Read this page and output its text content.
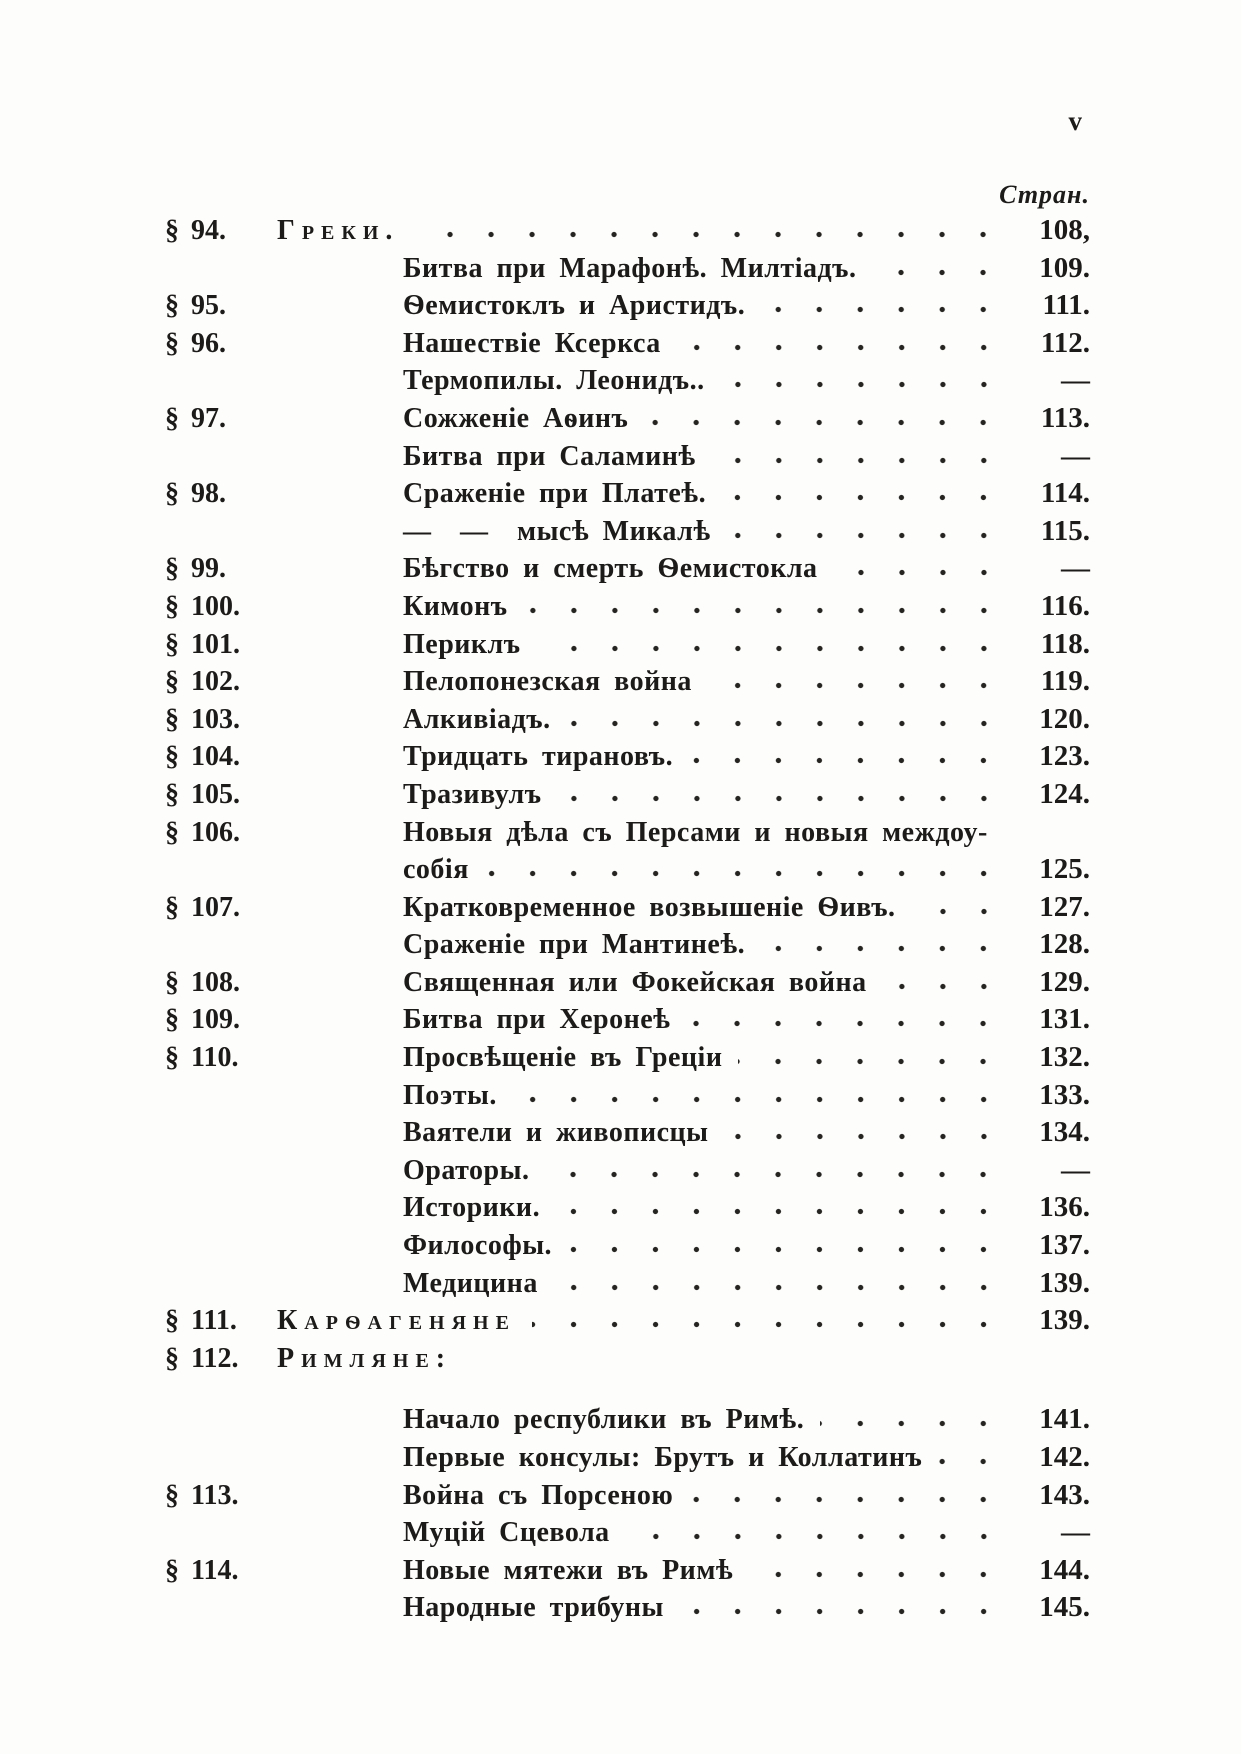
v
Стран.
§ 94.	Греки.	108,
Битва при Марафонѣ. Милтіадъ.	109.
§ 95.	Ѳемистоклъ и Аристидъ.	111.
§ 96.	Нашествіе Ксеркса	112.
Термопилы. Леонидъ..	—
§ 97.	Сожженіе Аѳинъ	113.
Битва при Саламинѣ	—
§ 98.	Сраженіе при Платеѣ.	114.
— — мысѣ Микалѣ	115.
§ 99.	Бѣгство и смерть Ѳемистокла	—
§ 100.	Кимонъ	116.
§ 101.	Периклъ	118.
§ 102.	Пелопонезская война	119.
§ 103.	Алкивіадъ.	120.
§ 104.	Тридцать тирановъ.	123.
§ 105.	Тразивулъ	124.
§ 106.	Новыя дѣла съ Персами и новыя междоу-
собія	125.
§ 107.	Кратковременное возвышеніе Ѳивъ.	127.
Сраженіе при Мантинеѣ.	128.
§ 108.	Священная или Фокейская война	129.
§ 109.	Битва при Херонеѣ	131.
§ 110.	Просвѣщеніе въ Греціи	132.
Поэты.	133.
Ваятели и живописцы	134.
Ораторы.	—
Историки.	136.
Философы.	137.
Медицина	139.
§ 111.	Карѳагеняне	139.
§ 112.	Римляне:
Начало республики въ Римѣ.	141.
Первые консулы: Брутъ и Коллатинъ	142.
§ 113.	Война съ Порсеною	143.
Муцій Сцевола	—
§ 114.	Новые мятежи въ Римѣ	144.
Народные трибуны	145.
